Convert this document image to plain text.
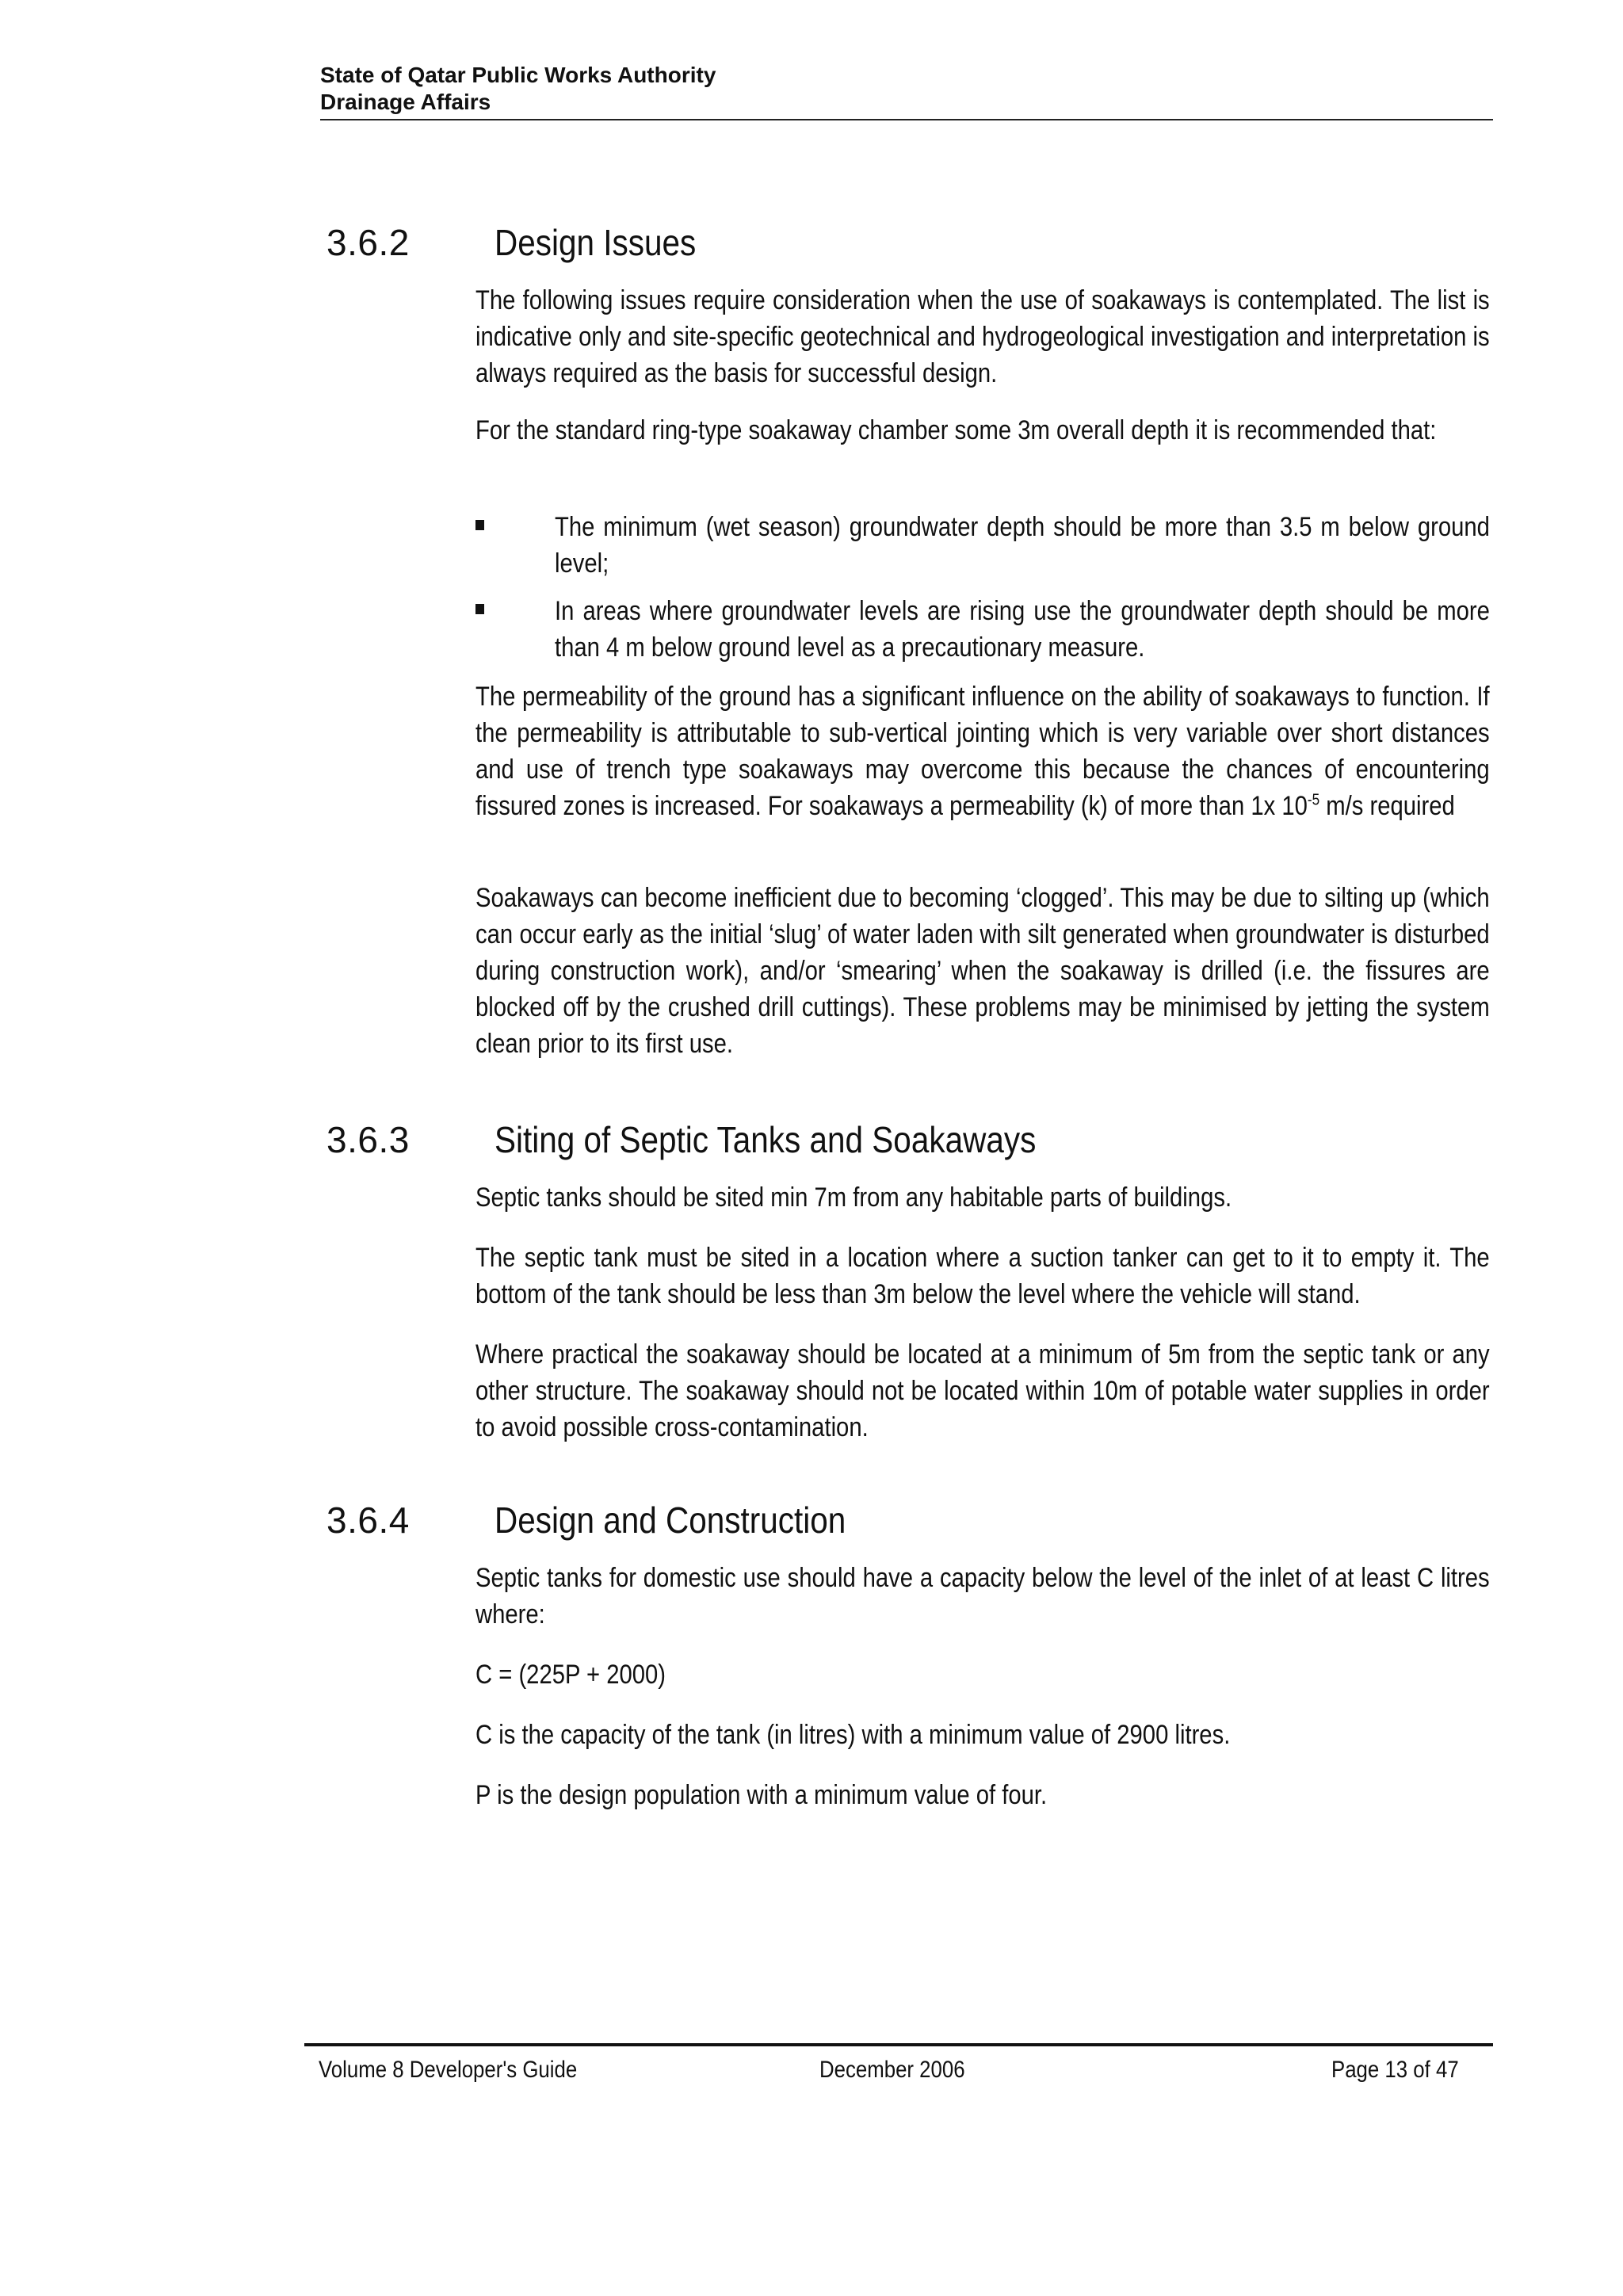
State of Qatar Public Works Authority
Drainage Affairs
3.6.2 Design Issues
The following issues require consideration when the use of soakaways is contemplated. The list is indicative only and site-specific geotechnical and hydrogeological investigation and interpretation is always required as the basis for successful design.
For the standard ring-type soakaway chamber some 3m overall depth it is recommended that:
The minimum (wet season) groundwater depth should be more than 3.5 m below ground level;
In areas where groundwater levels are rising use the groundwater depth should be more than 4 m below ground level as a precautionary measure.
The permeability of the ground has a significant influence on the ability of soakaways to function. If the permeability is attributable to sub-vertical jointing which is very variable over short distances and use of trench type soakaways may overcome this because the chances of encountering fissured zones is increased. For soakaways a permeability (k) of more than 1x $10^{-5}$ m/s required
Soakaways can become inefficient due to becoming ‘clogged’. This may be due to silting up (which can occur early as the initial ‘slug’ of water laden with silt generated when groundwater is disturbed during construction work), and/or ‘smearing’ when the soakaway is drilled (i.e. the fissures are blocked off by the crushed drill cuttings). These problems may be minimised by jetting the system clean prior to its first use.
3.6.3 Siting of Septic Tanks and Soakaways
Septic tanks should be sited min 7m from any habitable parts of buildings.
The septic tank must be sited in a location where a suction tanker can get to it to empty it. The bottom of the tank should be less than 3m below the level where the vehicle will stand.
Where practical the soakaway should be located at a minimum of 5m from the septic tank or any other structure. The soakaway should not be located within 10m of potable water supplies in order to avoid possible cross-contamination.
3.6.4 Design and Construction
Septic tanks for domestic use should have a capacity below the level of the inlet of at least C litres where:
C = (225P + 2000)
C is the capacity of the tank (in litres) with a minimum value of 2900 litres.
P is the design population with a minimum value of four.
Volume 8 Developer's Guide	December 2006	Page 13 of 47
